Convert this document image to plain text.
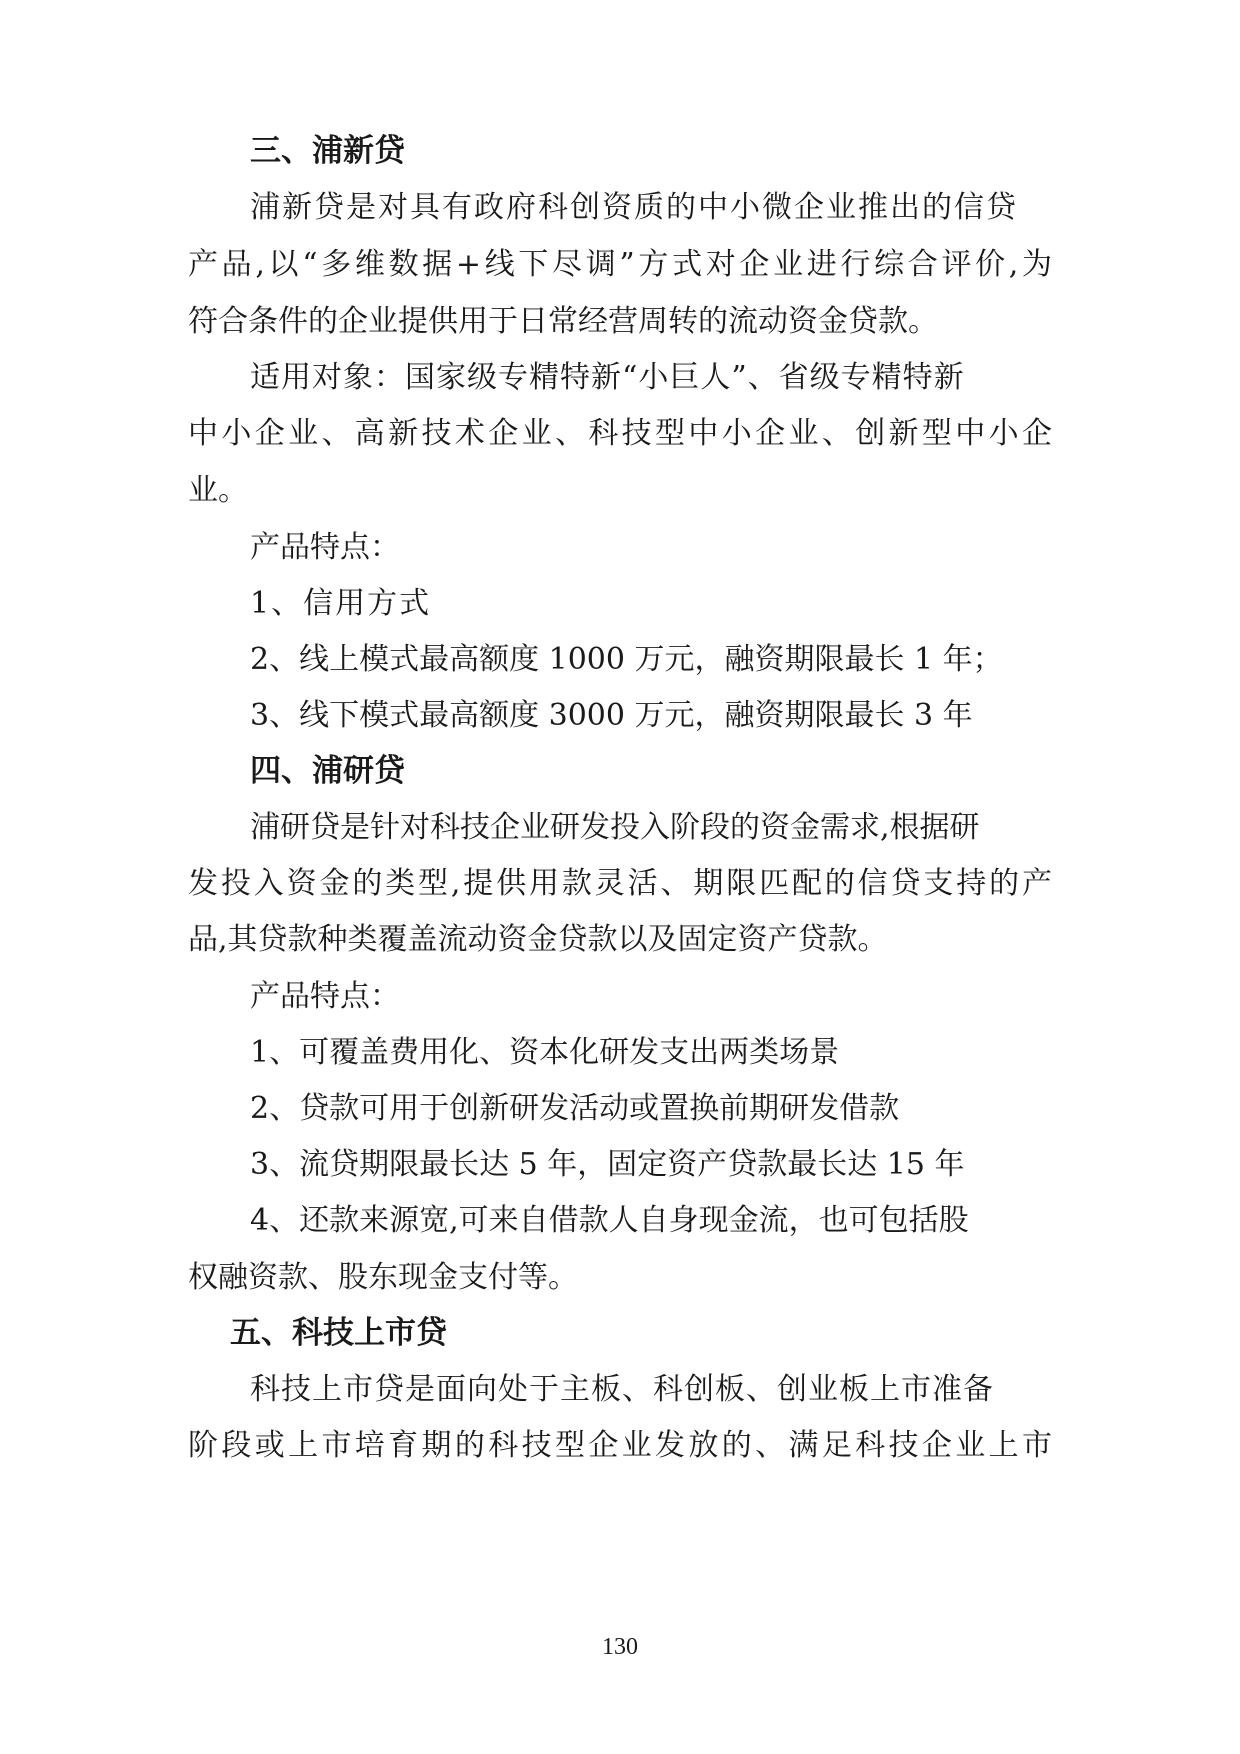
三、浦新贷
浦新贷是对具有政府科创资质的中小微企业推出的信贷
产品,以“多维数据+线下尽调”方式对企业进行综合评价,为
符合条件的企业提供用于日常经营周转的流动资金贷款。
适用对象：国家级专精特新“小巨人”、省级专精特新
中小企业、高新技术企业、科技型中小企业、创新型中小企
业。
产品特点：
1、信用方式
2、线上模式最高额度 1000 万元，融资期限最长 1 年；
3、线下模式最高额度 3000 万元，融资期限最长 3 年
四、浦研贷
浦研贷是针对科技企业研发投入阶段的资金需求,根据研
发投入资金的类型,提供用款灵活、期限匹配的信贷支持的产
品,其贷款种类覆盖流动资金贷款以及固定资产贷款。
产品特点：
1、可覆盖费用化、资本化研发支出两类场景
2、贷款可用于创新研发活动或置换前期研发借款
3、流贷期限最长达 5 年，固定资产贷款最长达 15 年
4、还款来源宽,可来自借款人自身现金流，也可包括股
权融资款、股东现金支付等。
五、科技上市贷
科技上市贷是面向处于主板、科创板、创业板上市准备
阶段或上市培育期的科技型企业发放的、满足科技企业上市
130
